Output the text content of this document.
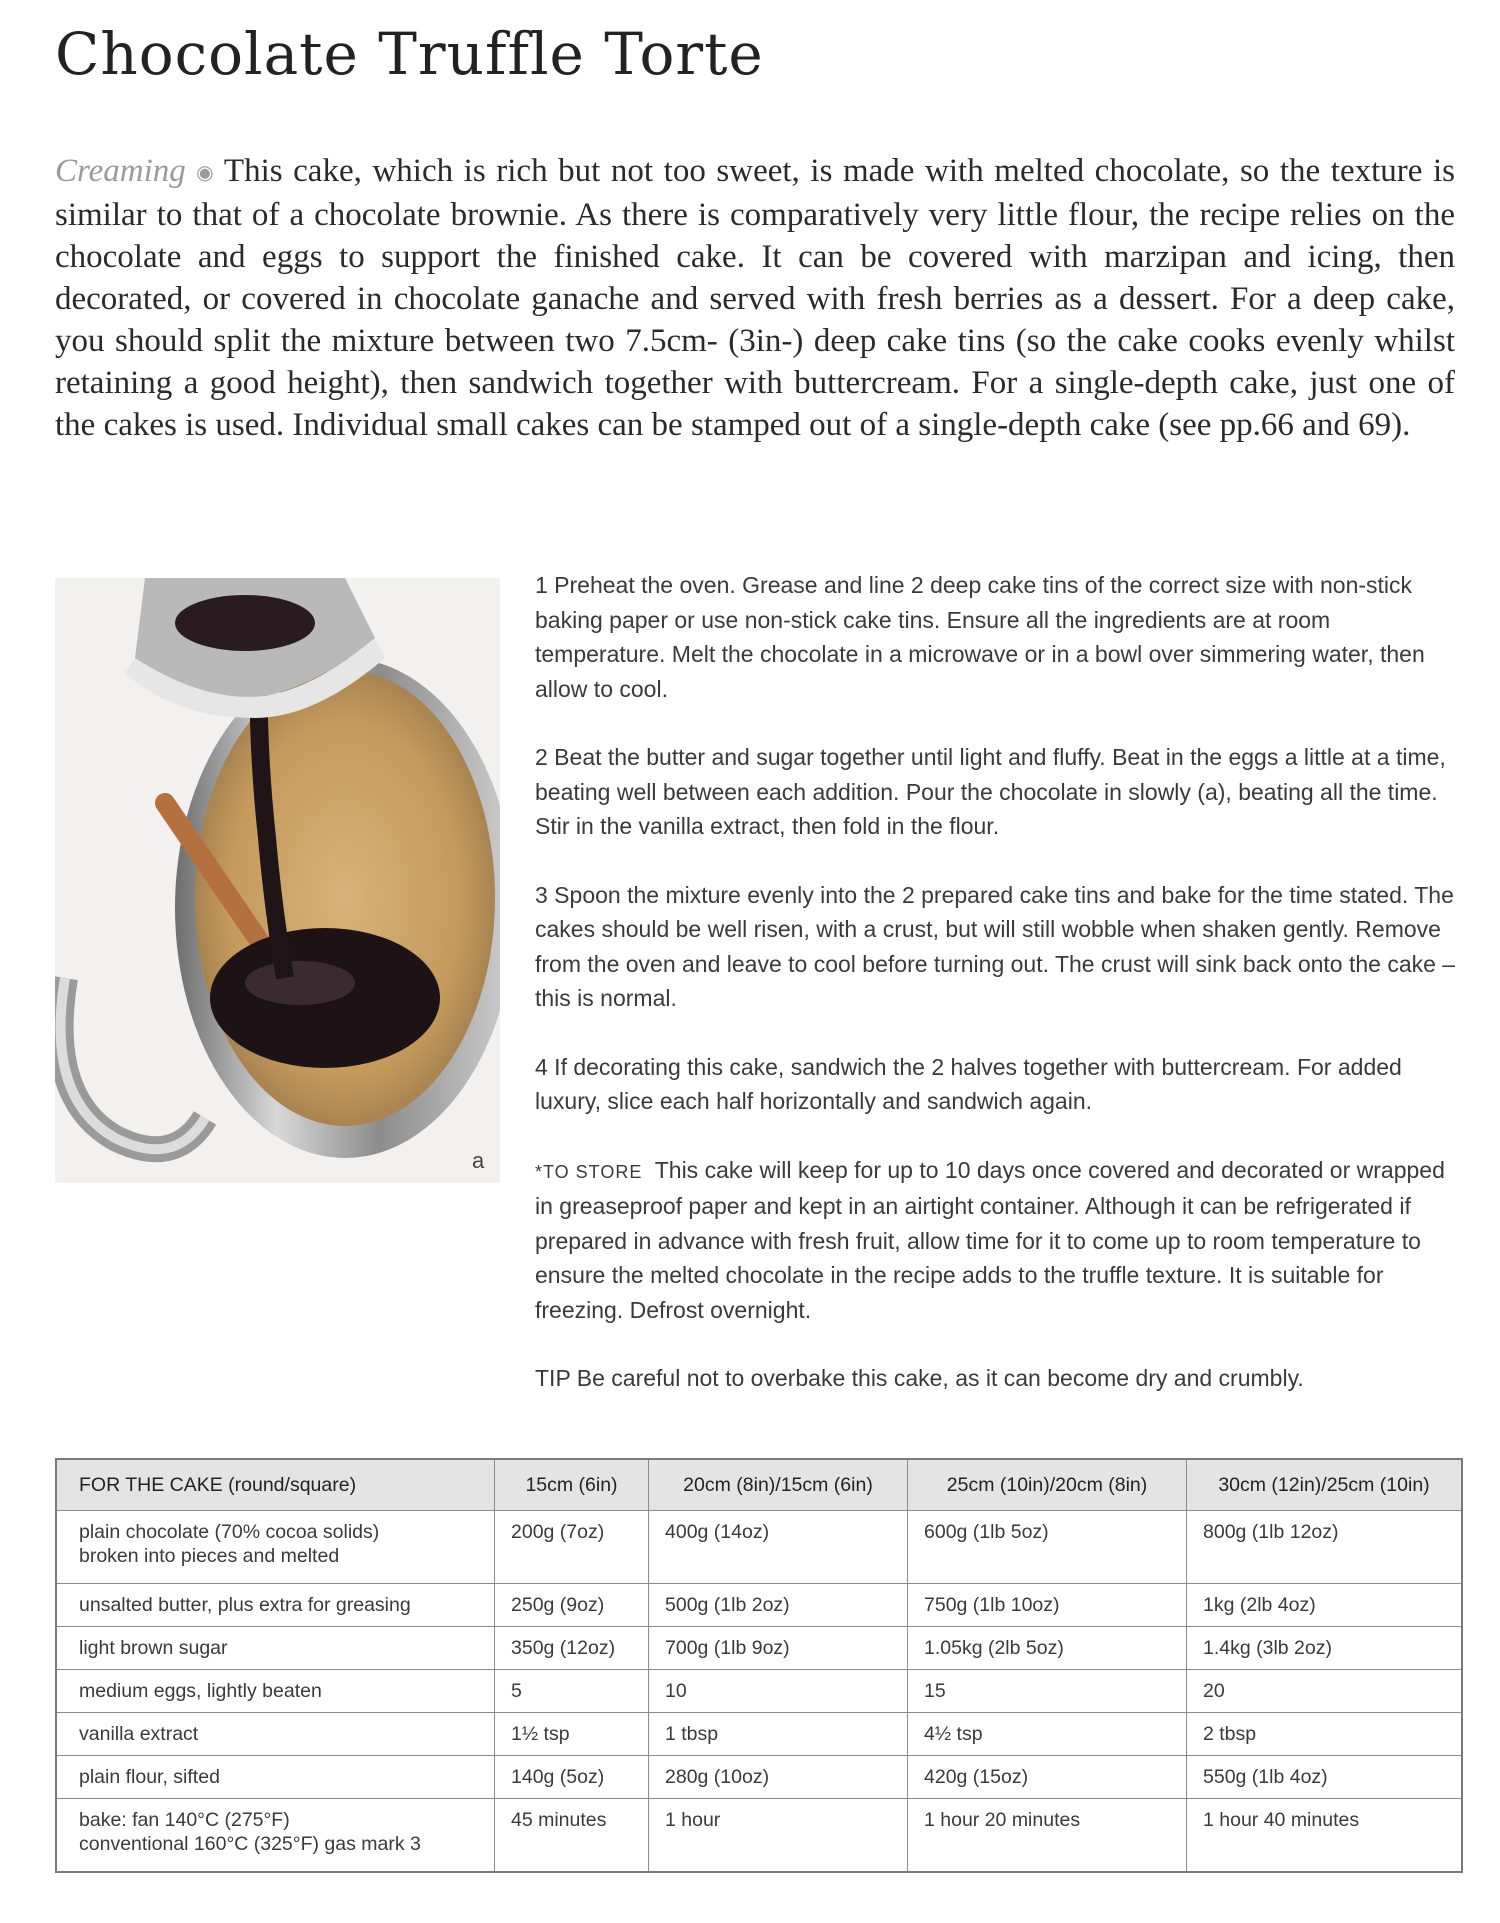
Chocolate Truffle Torte
Creaming ◉ This cake, which is rich but not too sweet, is made with melted chocolate, so the texture is similar to that of a chocolate brownie. As there is comparatively very little flour, the recipe relies on the chocolate and eggs to support the finished cake. It can be covered with marzipan and icing, then decorated, or covered in chocolate ganache and served with fresh berries as a dessert. For a deep cake, you should split the mixture between two 7.5cm- (3in-) deep cake tins (so the cake cooks evenly whilst retaining a good height), then sandwich together with buttercream. For a single-depth cake, just one of the cakes is used. Individual small cakes can be stamped out of a single-depth cake (see pp.66 and 69).
a

1 Preheat the oven. Grease and line 2 deep cake tins of the correct size with non-stick baking paper or use non-stick cake tins. Ensure all the ingredients are at room temperature. Melt the chocolate in a microwave or in a bowl over simmering water, then allow to cool.

2 Beat the butter and sugar together until light and fluffy. Beat in the eggs a little at a time, beating well between each addition. Pour the chocolate in slowly (a), beating all the time. Stir in the vanilla extract, then fold in the flour.

3 Spoon the mixture evenly into the 2 prepared cake tins and bake for the time stated. The cakes should be well risen, with a crust, but will still wobble when shaken gently. Remove from the oven and leave to cool before turning out. The crust will sink back onto the cake – this is normal.

4 If decorating this cake, sandwich the 2 halves together with buttercream. For added luxury, slice each half horizontally and sandwich again.

*TO STORE This cake will keep for up to 10 days once covered and decorated or wrapped in greaseproof paper and kept in an airtight container. Although it can be refrigerated if prepared in advance with fresh fruit, allow time for it to come up to room temperature to ensure the melted chocolate in the recipe adds to the truffle texture. It is suitable for freezing. Defrost overnight.

TIP Be careful not to overbake this cake, as it can become dry and crumbly.

FOR THE CAKE (round/square)	15cm (6in)	20cm (8in)/15cm (6in)	25cm (10in)/20cm (8in)	30cm (12in)/25cm (10in)
plain chocolate (70% cocoa solids)
broken into pieces and melted	200g (7oz)	400g (14oz)	600g (1lb 5oz)	800g (1lb 12oz)
unsalted butter, plus extra for greasing	250g (9oz)	500g (1lb 2oz)	750g (1lb 10oz)	1kg (2lb 4oz)
light brown sugar	350g (12oz)	700g (1lb 9oz)	1.05kg (2lb 5oz)	1.4kg (3lb 2oz)
medium eggs, lightly beaten	5	10	15	20
vanilla extract	1½ tsp	1 tbsp	4½ tsp	2 tbsp
plain flour, sifted	140g (5oz)	280g (10oz)	420g (15oz)	550g (1lb 4oz)
bake: fan 140°C (275°F)
conventional 160°C (325°F) gas mark 3	45 minutes	1 hour	1 hour 20 minutes	1 hour 40 minutes
